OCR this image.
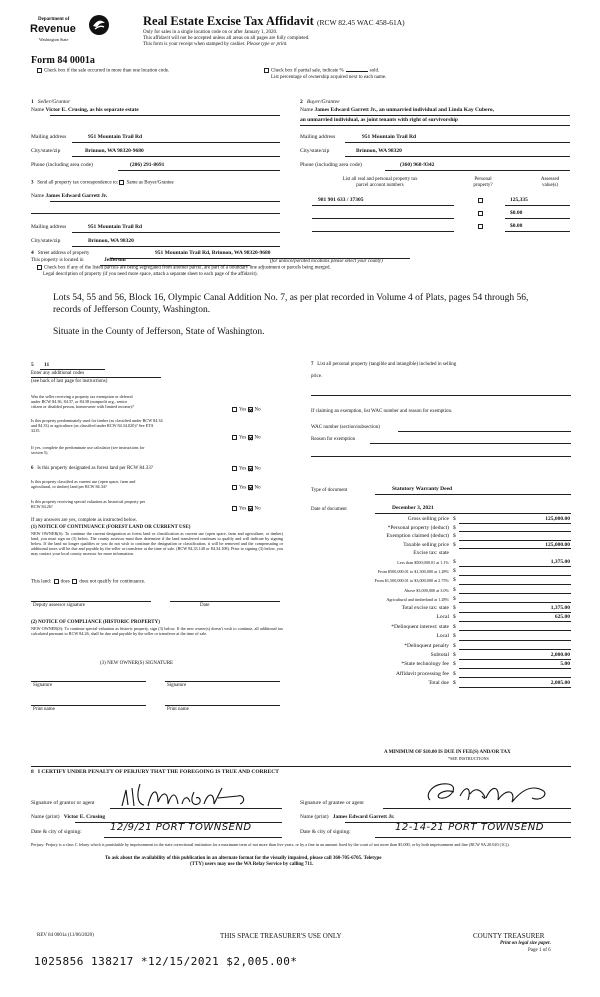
Department of
Revenue
Washington State
Real Estate Excise Tax Affidavit (RCW 82.45 WAC 458-61A)
Only for sales in a single location code on or after January 1, 2020.
This affidavit will not be accepted unless all areas on all pages are fully completed.
This form is your receipt when stamped by cashier. Please type or print.
Form 84 0001a
Check box if the sale occurred in more than one location code.	Check box if partial sale, indicate %	sold.
List percentage of ownership acquired next to each name.
1 Seller/Grantor
Name Victor E. Crusing, as his separate estate
2 Buyer/Grantee
Name James Edward Garrett Jr., an unmarried individual and Linda Kay Cubero,
an unmarried individual, as joint tenants with right of survivorship
Mailing address	951 Mountain Trail Rd
City/state/zip	Brinnon, WA 98320-9680
Phone (including area code)	(206) 291-8691
Mailing address	951 Mountain Trail Rd
City/state/zip	Brinnon, WA 98320
Phone (including area code)	(360) 968-9342
3 Send all property tax correspondence to: Same as Buyer/Grantee
Name James Edward Garrett Jr.
Mailing address	951 Mountain Trail Rd
City/state/zip	Brinnon, WA 98320
List all real and personal property tax
parcel account numbers
Personal
property?
Assessed
value(s)
981 901 633 / 37305	125,335
$0.00
$0.00
4 Street address of property	951 Mountain Trail Rd, Brinnon, WA 98320-9680
This property is located in	Jefferson	(for unincorporated locations please select your county)
Check box if any of the listed parcels are being segregated from another parcel, are part of a boundary line adjustment or parcels being merged.
Legal description of property (if you need more space, attach a separate sheet to each page of the affidavit).
Lots 54, 55 and 56, Block 16, Olympic Canal Addition No. 7, as per plat recorded in Volume 4 of Plats, pages 54 through 56,
records of Jefferson County, Washington.
Situate in the County of Jefferson, State of Washington.
5 11
Enter any additional codes
(see back of last page for instructions)
Was the seller receiving a property tax exemption or deferral
under RCW 84.36, 84.37, or 84.38 (nonprofit org., senior
citizen or disabled person, homeowner with limited income)?
Yes No
Is this property predominately used for timber (as classified under RCW 84.34
and 84.33) or agriculture (as classified under RCW 84.34.020)? See ETA
3215.
Yes No
If yes, complete the predominate use calculator (see instructions for
section 5).
6 Is this property designated as forest land per RCW 84.33?	Yes No
Is this property classified as current use (open space, farm and
agricultural, or timber) land per RCW 84.34?	Yes No
Is this property receiving special valuation as historical property per
RCW 84.26?
Yes No
If any answers are yes, complete as instructed below.
(1) NOTICE OF CONTINUANCE (FOREST LAND OR CURRENT USE)
NEW OWNER(S): To continue the current designation as forest land or classification as current use (open space, farm and agriculture, or timber) land, you must sign on (3) below. The county assessor must then determine if the land transferred continues to qualify and will indicate by signing below. If the land no longer qualifies or you do not wish to continue the designation or classification, it will be removed and the compensating or additional taxes will be due and payable by the seller or transferor at the time of sale. (RCW 84.33.140 or 84.34.108). Prior to signing (3) below, you may contact your local county assessor for more information.
This land: does does not qualify for continuance.
Deputy assessor signature	Date
(2) NOTICE OF COMPLIANCE (HISTORIC PROPERTY)
NEW OWNER(S): To continue special valuation as historic property, sign (3) below. If the new owner(s) doesn't wish to continue, all additional tax calculated pursuant to RCW 84.26, shall be due and payable by the seller or transferor at the time of sale.
(3) NEW OWNER(S) SIGNATURE
Signature	Signature
Print name	Print name
7 List all personal property (tangible and intangible) included in selling
price.
If claiming an exemption, list WAC number and reason for exemption.
WAC number (section/subsection)
Reason for exemption
Type of document	Statutory Warranty Deed
Date of document	December 3, 2021
Gross selling price $	125,000.00
*Personal property (deduct) $
Exemption claimed (deduct) $
Taxable selling price $	125,000.00
Excise tax: state
Less than $500,000.01 at 1.1% $	1,375.00
From $500,000.01 to $1,500,000 at 1.28% $
From $1,500,000.01 to $3,000,000 at 2.75% $
Above $3,000,000 at 3.0% $
Agricultural and timberland at 1.28% $
Total excise tax: state $	1,375.00
Local $	625.00
*Delinquent interest: state $
Local $
*Delinquent penalty $
Subtotal $	2,000.00
*State technology fee $	5.00
Affidavit processing fee $
Total due $	2,005.00
A MINIMUM OF $10.00 IS DUE IN FEE(S) AND/OR TAX
*SEE INSTRUCTIONS
8 I CERTIFY UNDER PENALTY OF PERJURY THAT THE FOREGOING IS TRUE AND CORRECT
Signature of grantor or agent	Signature of grantee or agent
Name (print) Victor E. Crusing	Name (print) James Edward Garrett Jr.
Date & city of signing:	12/9/21 PORT TOWNSEND	Date & city of signing:	12-14-21 PORT TOWNSEND
Perjury: Perjury is a class C felony which is punishable by imprisonment in the state correctional institution for a maximum term of not more than five years, or by a fine in an amount fixed by the court of not more than $5,000, or by both imprisonment and fine (RCW 9A.20.020 (1C)).
To ask about the availability of this publication in an alternate format for the visually impaired, please call 360-705-6705. Teletype
(TTY) users may use the WA Relay Service by calling 711.
REV 84 0001a (11/06/2020)	THIS SPACE TREASURER'S USE ONLY	COUNTY TREASURER
Print on legal size paper.
Page 1 of 6
1025856 138217 *12/15/2021 $2,005.00*
